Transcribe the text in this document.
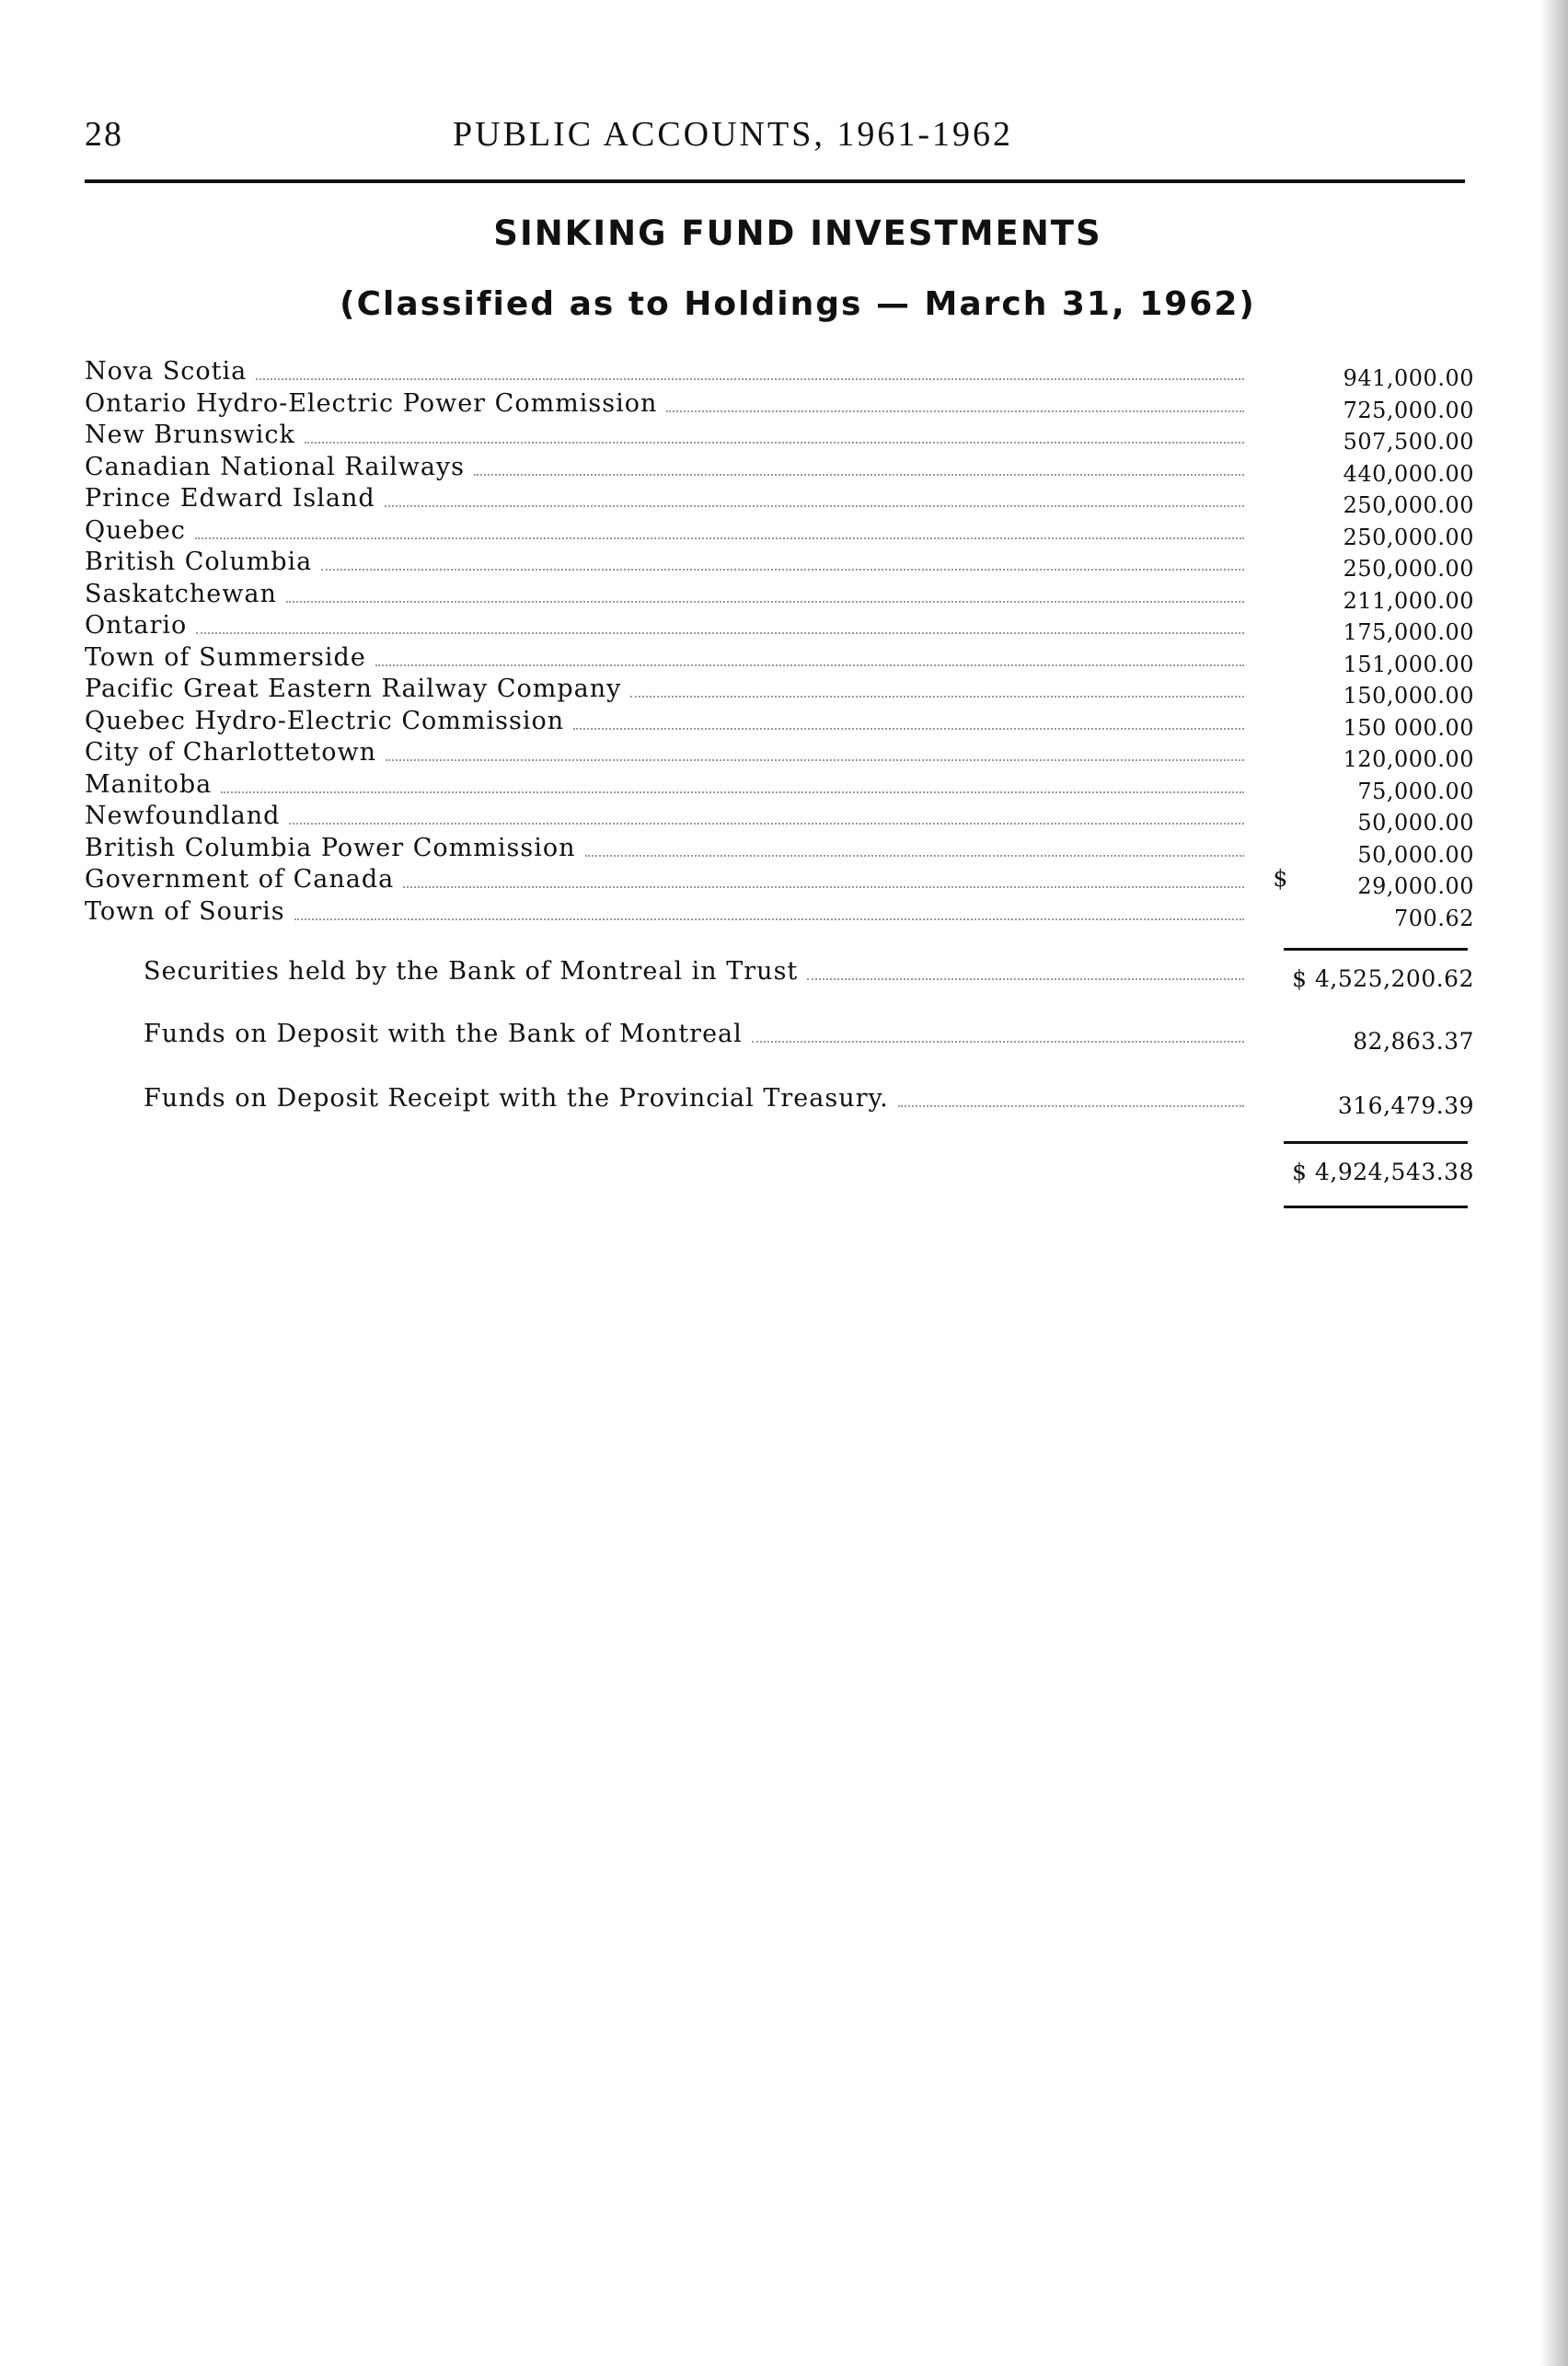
28	PUBLIC ACCOUNTS, 1961-1962
SINKING FUND INVESTMENTS
(Classified as to Holdings — March 31, 1962)
Nova Scotia	941,000.00
Ontario Hydro-Electric Power Commission	725,000.00
New Brunswick	507,500.00
Canadian National Railways	440,000.00
Prince Edward Island	250,000.00
Quebec	250,000.00
British Columbia	250,000.00
Saskatchewan	211,000.00
Ontario	175,000.00
Town of Summerside	151,000.00
Pacific Great Eastern Railway Company	150,000.00
Quebec Hydro-Electric Commission	150 000.00
City of Charlottetown	120,000.00
Manitoba	75,000.00
Newfoundland	50,000.00
British Columbia Power Commission	50,000.00
Government of Canada	$	29,000.00
Town of Souris	700.62
Securities held by the Bank of Montreal in Trust	$ 4,525,200.62
Funds on Deposit with the Bank of Montreal	82,863.37
Funds on Deposit Receipt with the Provincial Treasury.	316,479.39
$ 4,924,543.38
